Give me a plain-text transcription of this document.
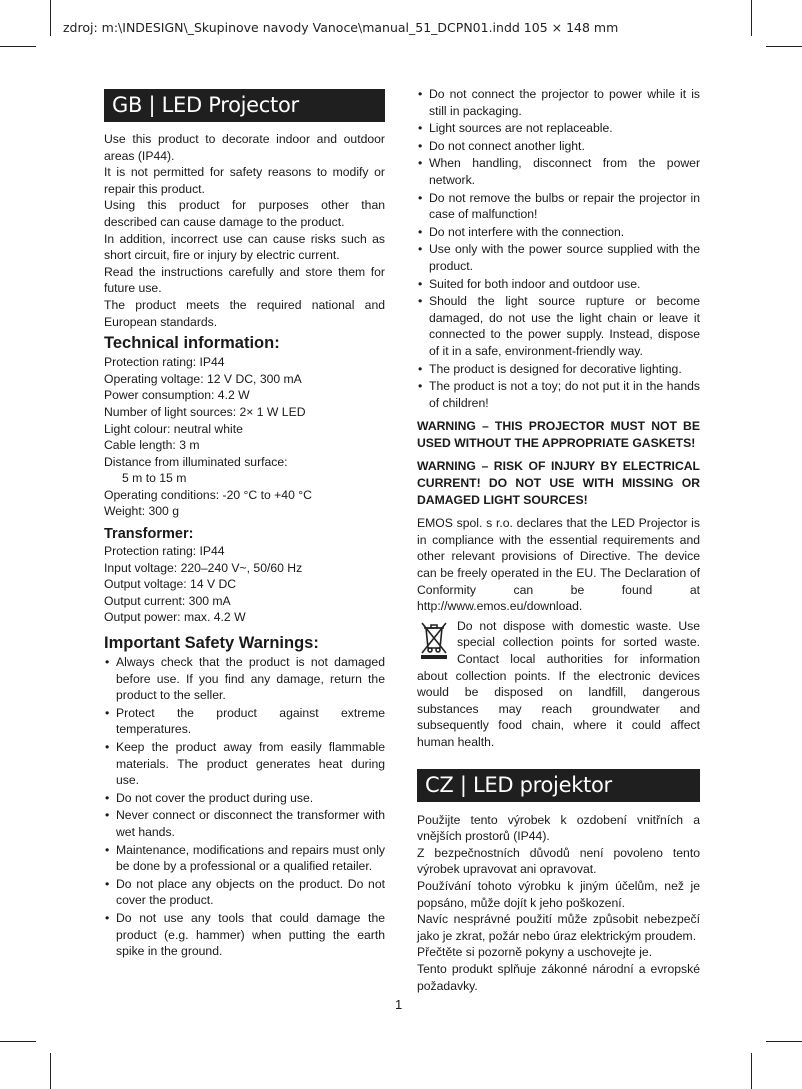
zdroj: m:\INDESIGN\_Skupinove navody Vanoce\manual_51_DCPN01.indd 105 × 148 mm
GB | LED Projector

Use this product to decorate indoor and outdoor areas (IP44).

It is not permitted for safety reasons to modify or repair this product.

Using this product for purposes other than described can cause damage to the product.

In addition, incorrect use can cause risks such as short circuit, fire or injury by electric current.

Read the instructions carefully and store them for future use.

The product meets the required national and European standards.

Technical information:

Protection rating: IP44

Operating voltage: 12 V DC, 300 mA

Power consumption: 4.2 W

Number of light sources: 2× 1 W LED

Light colour: neutral white

Cable length: 3 m

Distance from illuminated surface:

5 m to 15 m

Operating conditions: -20 °C to +40 °C

Weight: 300 g

Transformer:

Protection rating: IP44

Input voltage: 220–240 V~, 50/60 Hz

Output voltage: 14 V DC

Output current: 300 mA

Output power: max. 4.2 W

Important Safety Warnings:
• Always check that the product is not damaged before use. If you find any damage, return the product to the seller.
• Protect the product against extreme temperatures.
• Keep the product away from easily flammable materials. The product generates heat during use.
• Do not cover the product during use.
• Never connect or disconnect the transformer with wet hands.
• Maintenance, modifications and repairs must only be done by a professional or a qualified retailer.
• Do not place any objects on the product. Do not cover the product.
• Do not use any tools that could damage the product (e.g. hammer) when putting the earth spike in the ground.
• Do not connect the projector to power while it is still in packaging.
• Light sources are not replaceable.
• Do not connect another light.
• When handling, disconnect from the power network.
• Do not remove the bulbs or repair the projector in case of malfunction!
• Do not interfere with the connection.
• Use only with the power source supplied with the product.
• Suited for both indoor and outdoor use.
• Should the light source rupture or become damaged, do not use the light chain or leave it connected to the power supply. Instead, dispose of it in a safe, environment-friendly way.
• The product is designed for decorative lighting.
• The product is not a toy; do not put it in the hands of children!

WARNING – THIS PROJECTOR MUST NOT BE USED WITHOUT THE APPROPRIATE GASKETS!

WARNING – RISK OF INJURY BY ELECTRICAL CURRENT! DO NOT USE WITH MISSING OR DAMAGED LIGHT SOURCES!

EMOS spol. s r.o. declares that the LED Projector is in compliance with the essential requirements and other relevant provisions of Directive. The device can be freely operated in the EU. The Declaration of Conformity can be found at http://www.emos.eu/download.

Do not dispose with domestic waste. Use special collection points for sorted waste. Contact local authorities for information about collection points. If the electronic devices would be disposed on landfill, dangerous substances may reach groundwater and subsequently food chain, where it could affect human health.

CZ | LED projektor

Použijte tento výrobek k ozdobení vnitřních a vnějších prostorů (IP44).

Z bezpečnostních důvodů není povoleno tento výrobek upravovat ani opravovat.

Používání tohoto výrobku k jiným účelům, než je popsáno, může dojít k jeho poškození.

Navíc nesprávné použití může způsobit nebezpečí jako je zkrat, požár nebo úraz elektrickým proudem.

Přečtěte si pozorně pokyny a uschovejte je.

Tento produkt splňuje zákonné národní a evropské požadavky.

1
